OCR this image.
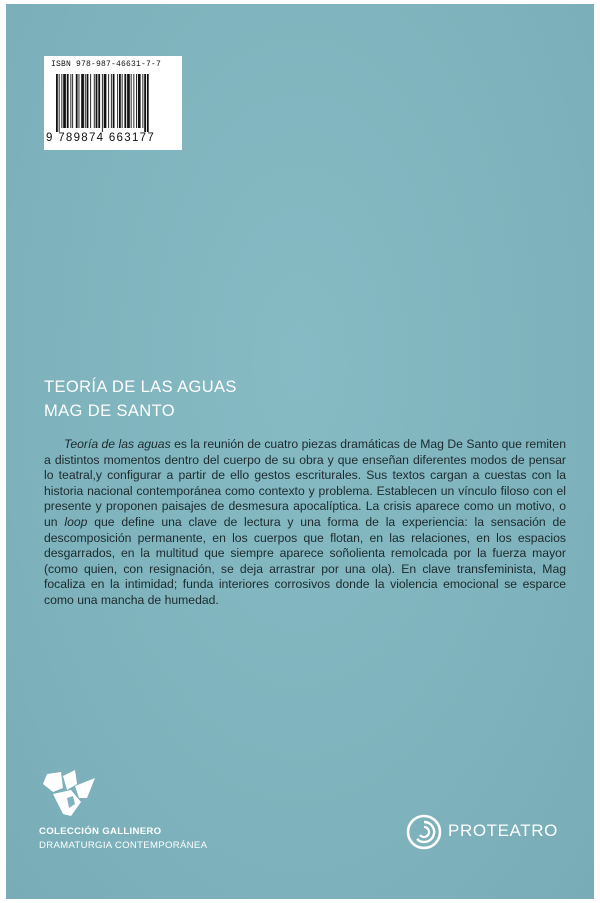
ISBN 978-987-46631-7-7
9 789874 663177
TEORÍA DE LAS AGUAS
MAG DE SANTO

Teoría de las aguas es la reunión de cuatro piezas dramáticas de Mag De Santo que remiten a distintos momentos dentro del cuerpo de su obra y que enseñan diferentes modos de pensar lo teatral,y configurar a partir de ello gestos escriturales. Sus textos cargan a cuestas con la historia nacional contemporánea como contexto y problema. Establecen un vínculo filoso con el presente y proponen paisajes de desmesura apocalíptica. La crisis aparece como un motivo, o un loop que define una clave de lectura y una forma de la experiencia: la sensación de descomposición permanente, en los cuerpos que flotan, en las relaciones, en los espacios desgarrados, en la multitud que siempre aparece soñolienta remolcada por la fuerza mayor (como quien, con resignación, se deja arrastrar por una ola). En clave transfeminista, Mag focaliza en la intimidad; funda interiores corrosivos donde la violencia emocional se esparce como una mancha de humedad.

COLECCIÓN GALLINERO
DRAMATURGIA CONTEMPORÁNEA
PROTEATRO
